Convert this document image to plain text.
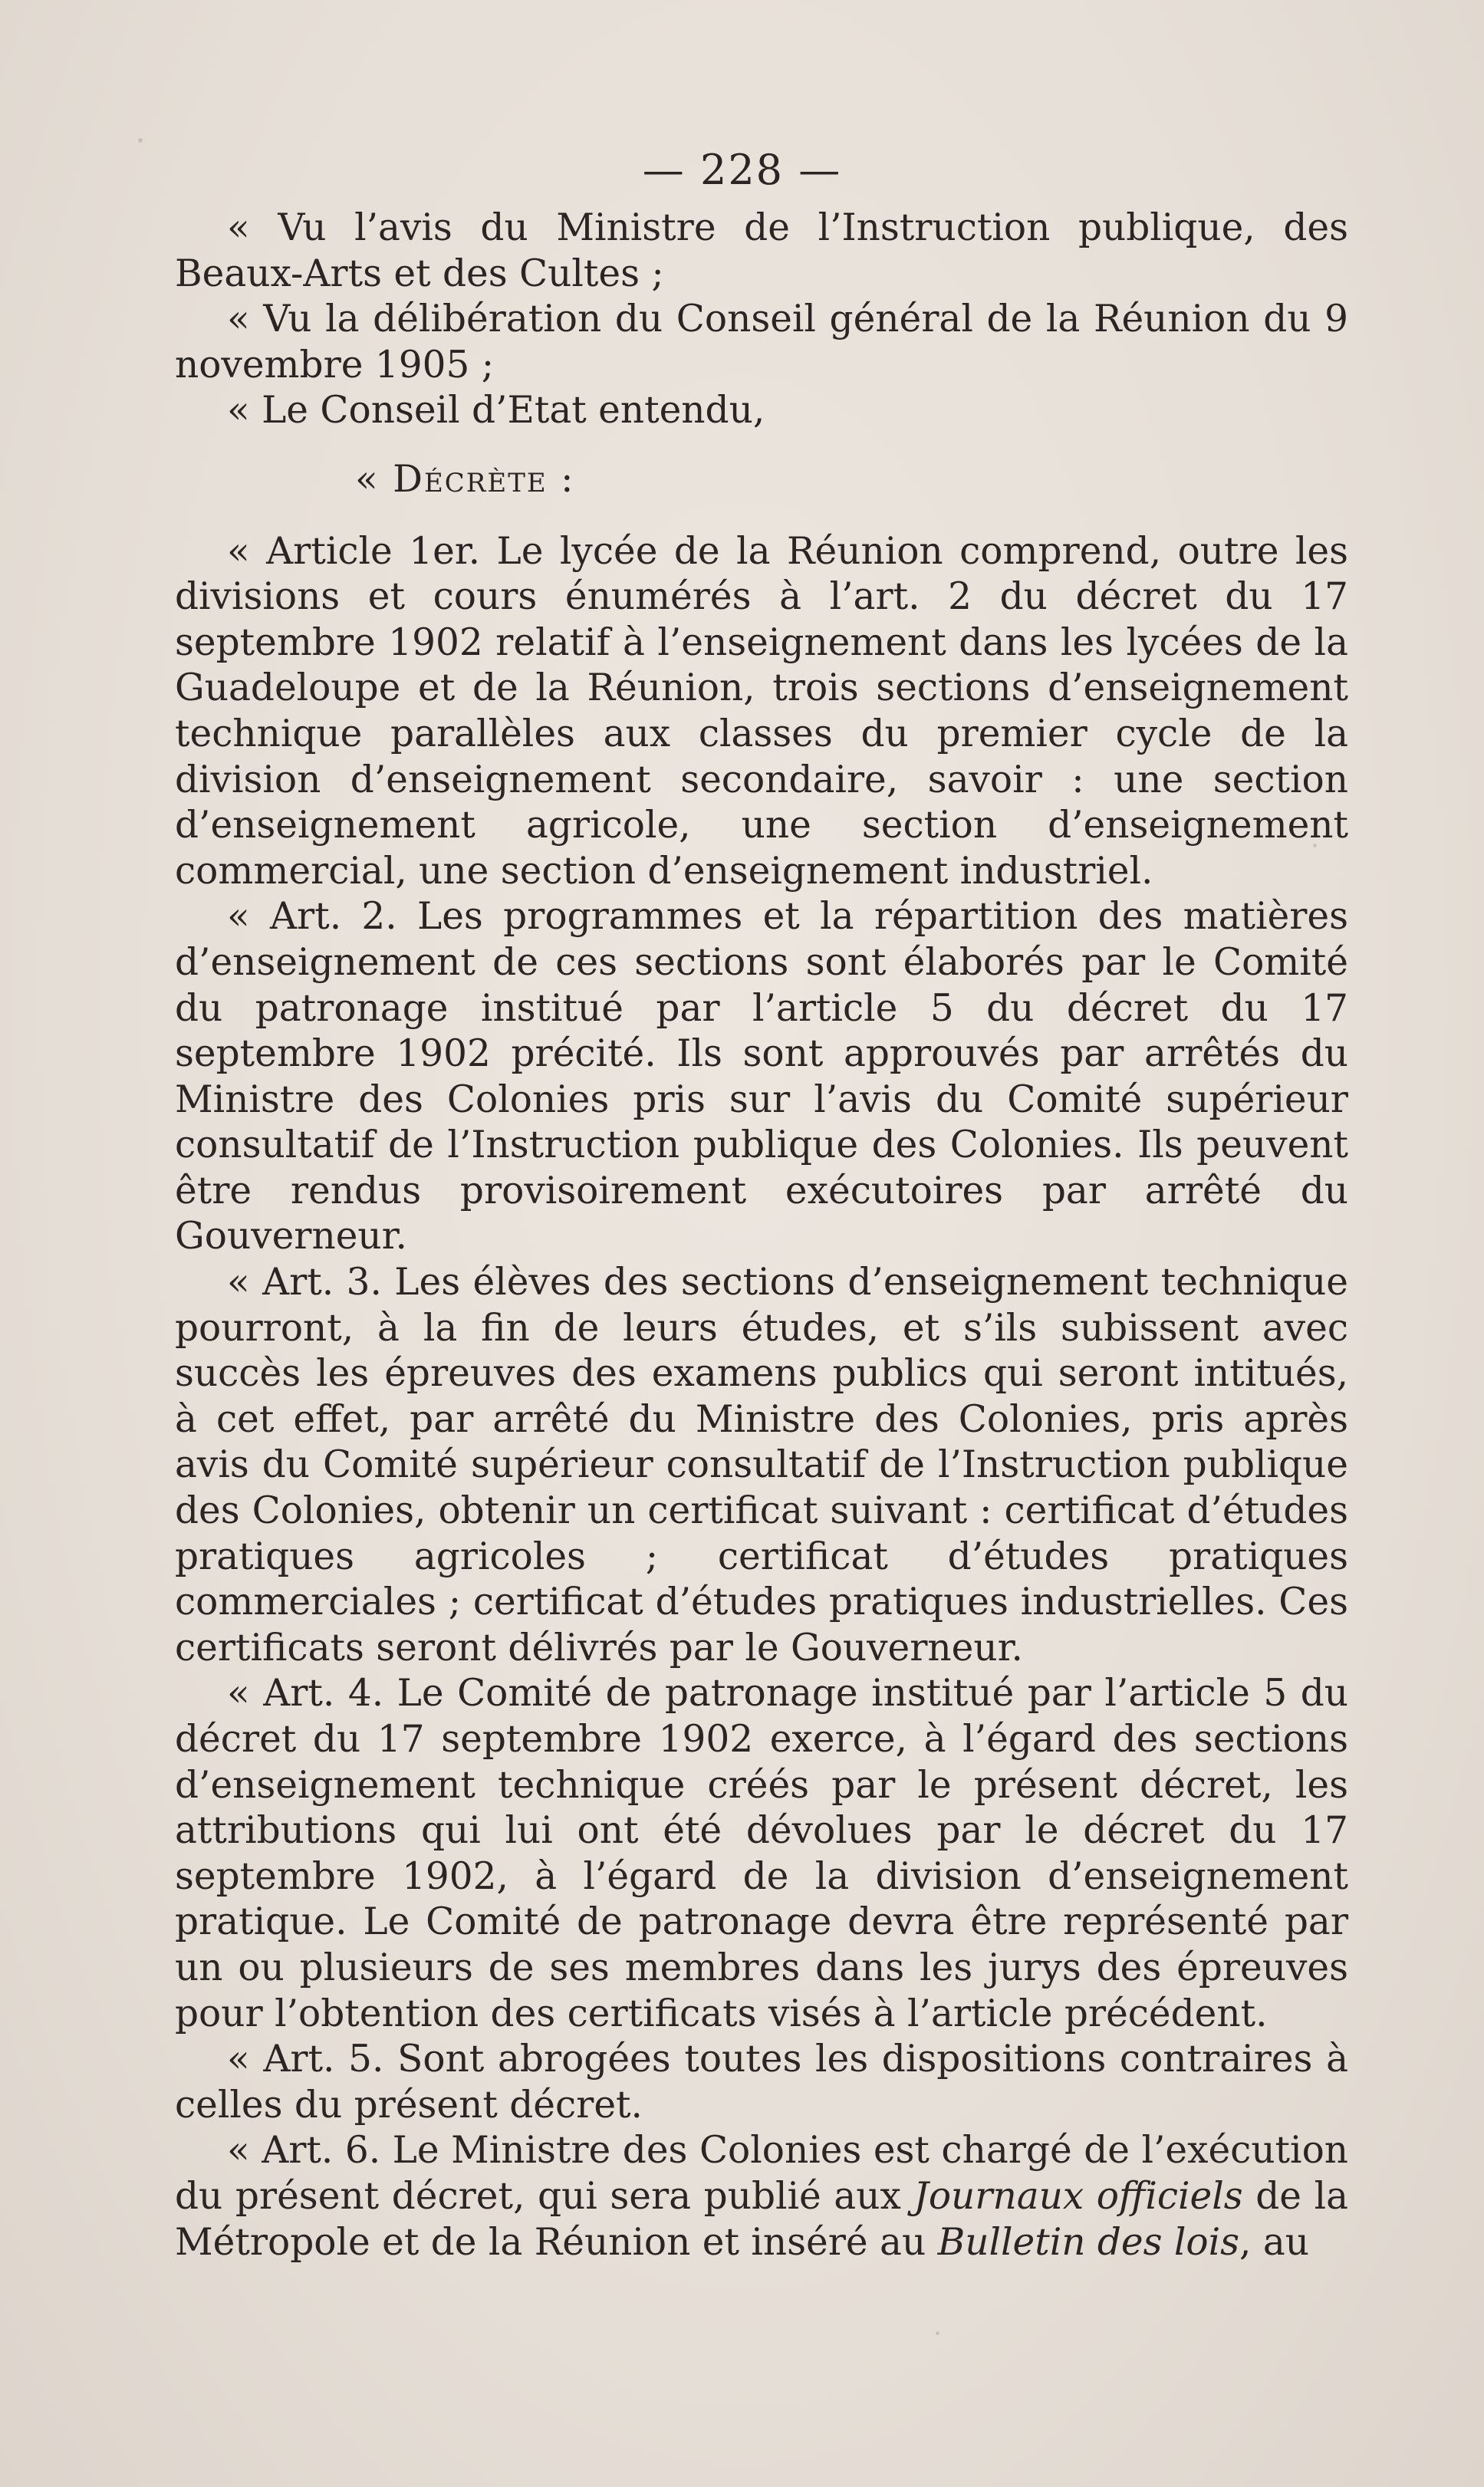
— 228 —

« Vu l’avis du Ministre de l’Instruction publique, des Beaux-Arts et des Cultes ;

« Vu la délibération du Conseil général de la Réunion du 9 novembre 1905 ;

« Le Conseil d’Etat entendu,

« Décrète :

« Article 1er. Le lycée de la Réunion comprend, outre les divisions et cours énumérés à l’art. 2 du décret du 17 septembre 1902 relatif à l’enseignement dans les lycées de la Guadeloupe et de la Réunion, trois sections d’enseignement technique parallèles aux classes du premier cycle de la division d’enseignement secondaire, savoir : une section d’enseignement agricole, une section d’enseignement commercial, une section d’enseignement industriel.

« Art. 2. Les programmes et la répartition des matières d’enseignement de ces sections sont élaborés par le Comité du patronage institué par l’article 5 du décret du 17 septembre 1902 précité. Ils sont approuvés par arrêtés du Ministre des Colonies pris sur l’avis du Comité supérieur consultatif de l’Instruction publique des Colonies. Ils peuvent être rendus provisoirement exécutoires par arrêté du Gouverneur.

« Art. 3. Les élèves des sections d’enseignement technique pourront, à la fin de leurs études, et s’ils subissent avec succès les épreuves des examens publics qui seront intitués, à cet effet, par arrêté du Ministre des Colonies, pris après avis du Comité supérieur consultatif de l’Instruction publique des Colonies, obtenir un certificat suivant : certificat d’études pratiques agricoles ; certificat d’études pratiques commerciales ; certificat d’études pratiques industrielles. Ces certificats seront délivrés par le Gouverneur.

« Art. 4. Le Comité de patronage institué par l’article 5 du décret du 17 septembre 1902 exerce, à l’égard des sections d’enseignement technique créés par le présent décret, les attributions qui lui ont été dévolues par le décret du 17 septembre 1902, à l’égard de la division d’enseignement pratique. Le Comité de patronage devra être représenté par un ou plusieurs de ses membres dans les jurys des épreuves pour l’obtention des certificats visés à l’article précédent.

« Art. 5. Sont abrogées toutes les dispositions contraires à celles du présent décret.

« Art. 6. Le Ministre des Colonies est chargé de l’exécution du présent décret, qui sera publié aux Journaux officiels de la Métropole et de la Réunion et inséré au Bulletin des lois, au
